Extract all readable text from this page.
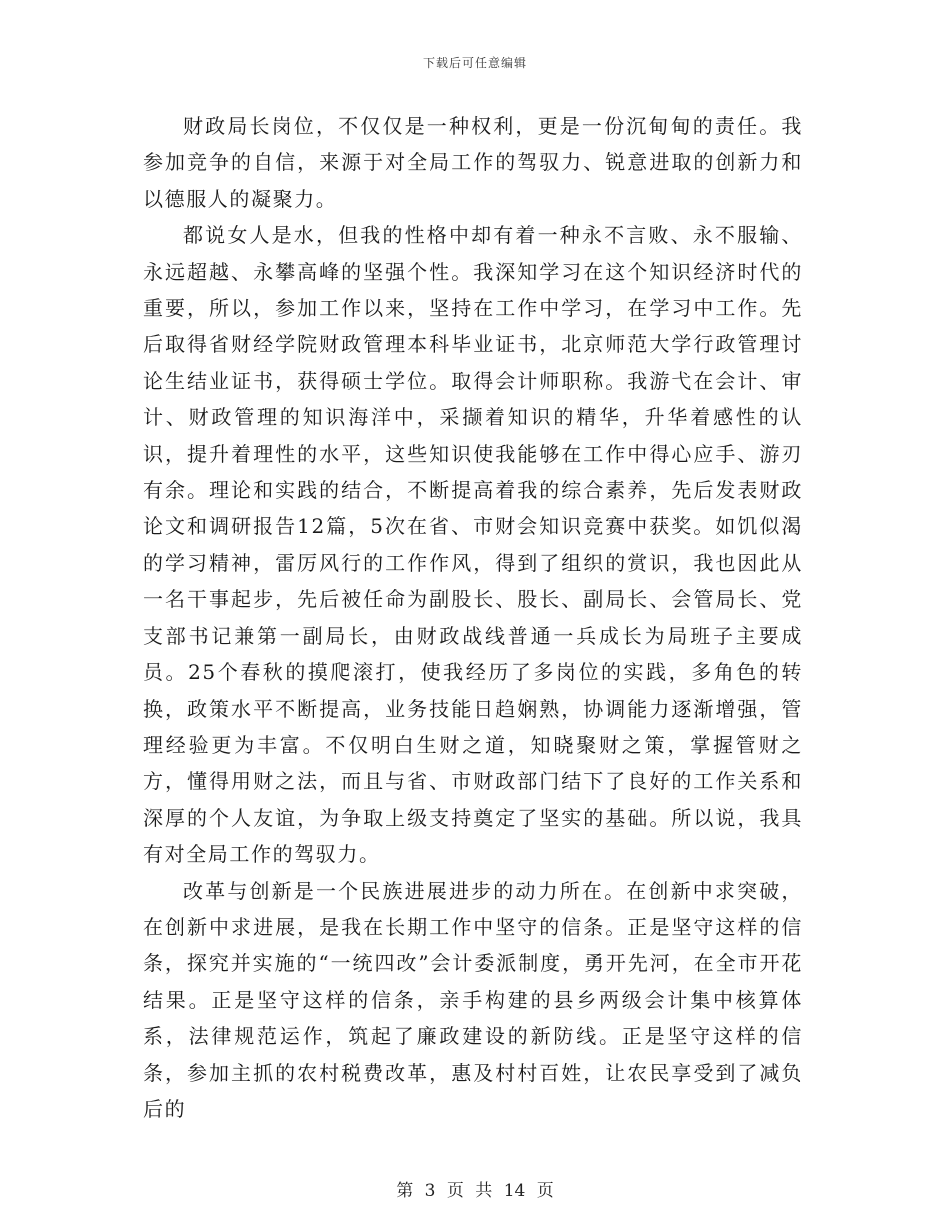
下载后可任意编辑

财政局长岗位，不仅仅是一种权利，更是一份沉甸甸的责任。我参加竞争的自信，来源于对全局工作的驾驭力、锐意进取的创新力和以德服人的凝聚力。

都说女人是水，但我的性格中却有着一种永不言败、永不服输、永远超越、永攀高峰的坚强个性。我深知学习在这个知识经济时代的重要，所以，参加工作以来，坚持在工作中学习，在学习中工作。先后取得省财经学院财政管理本科毕业证书，北京师范大学行政管理讨论生结业证书，获得硕士学位。取得会计师职称。我游弋在会计、审计、财政管理的知识海洋中，采撷着知识的精华，升华着感性的认识，提升着理性的水平，这些知识使我能够在工作中得心应手、游刃有余。理论和实践的结合，不断提高着我的综合素养，先后发表财政论文和调研报告12篇，5次在省、市财会知识竞赛中获奖。如饥似渴的学习精神，雷厉风行的工作作风，得到了组织的赏识，我也因此从一名干事起步，先后被任命为副股长、股长、副局长、会管局长、党支部书记兼第一副局长，由财政战线普通一兵成长为局班子主要成员。25个春秋的摸爬滚打，使我经历了多岗位的实践，多角色的转换，政策水平不断提高，业务技能日趋娴熟，协调能力逐渐增强，管理经验更为丰富。不仅明白生财之道，知晓聚财之策，掌握管财之方，懂得用财之法，而且与省、市财政部门结下了良好的工作关系和深厚的个人友谊，为争取上级支持奠定了坚实的基础。所以说，我具有对全局工作的驾驭力。

改革与创新是一个民族进展进步的动力所在。在创新中求突破，在创新中求进展，是我在长期工作中坚守的信条。正是坚守这样的信条，探究并实施的“一统四改”会计委派制度，勇开先河，在全市开花结果。正是坚守这样的信条，亲手构建的县乡两级会计集中核算体系，法律规范运作，筑起了廉政建设的新防线。正是坚守这样的信条，参加主抓的农村税费改革，惠及村村百姓，让农民享受到了减负后的

第 3 页 共 14 页
